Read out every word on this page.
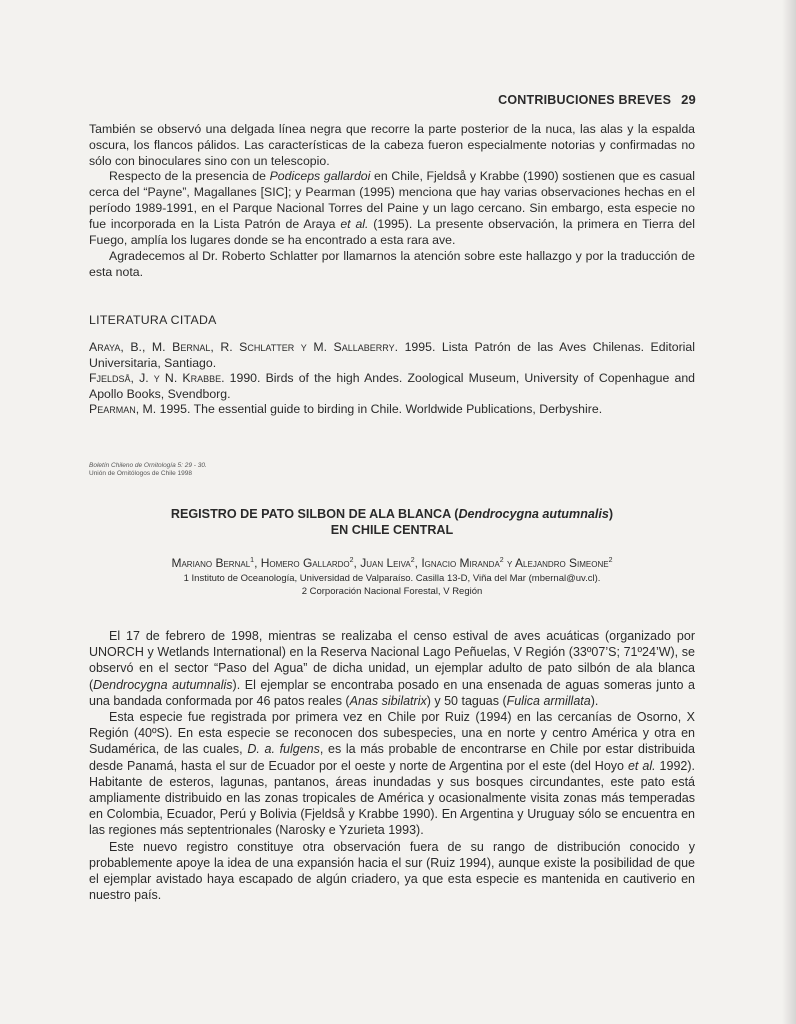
CONTRIBUCIONES BREVES 29

También se observó una delgada línea negra que recorre la parte posterior de la nuca, las alas y la espalda oscura, los flancos pálidos. Las características de la cabeza fueron especialmente notorias y confirmadas no sólo con binoculares sino con un telescopio.

Respecto de la presencia de Podiceps gallardoi en Chile, Fjeldså y Krabbe (1990) sostienen que es casual cerca del “Payne”, Magallanes [SIC]; y Pearman (1995) menciona que hay varias observaciones hechas en el período 1989-1991, en el Parque Nacional Torres del Paine y un lago cercano. Sin embargo, esta especie no fue incorporada en la Lista Patrón de Araya et al. (1995). La presente observación, la primera en Tierra del Fuego, amplía los lugares donde se ha encontrado a esta rara ave.

Agradecemos al Dr. Roberto Schlatter por llamarnos la atención sobre este hallazgo y por la traducción de esta nota.

LITERATURA CITADA

Araya, B., M. Bernal, R. Schlatter y M. Sallaberry. 1995. Lista Patrón de las Aves Chilenas. Editorial Universitaria, Santiago.

Fjeldså, J. y N. Krabbe. 1990. Birds of the high Andes. Zoological Museum, University of Copenhague and Apollo Books, Svendborg.

Pearman, M. 1995. The essential guide to birding in Chile. Worldwide Publications, Derbyshire.

Boletín Chileno de Ornitología 5: 29 - 30.
Unión de Ornitólogos de Chile 1998
REGISTRO DE PATO SILBON DE ALA BLANCA (Dendrocygna autumnalis)
EN CHILE CENTRAL
Mariano Bernal$^1$, Homero Gallardo$^2$, Juan Leiva$^2$, Ignacio Miranda$^2$ y Alejandro Simeone$^2$
1 Instituto de Oceanología, Universidad de Valparaíso. Casilla 13-D, Viña del Mar (mbernal@uv.cl).
2 Corporación Nacional Forestal, V Región

El 17 de febrero de 1998, mientras se realizaba el censo estival de aves acuáticas (organizado por UNORCH y Wetlands International) en la Reserva Nacional Lago Peñuelas, V Región (33º07’S; 71º24’W), se observó en el sector “Paso del Agua” de dicha unidad, un ejemplar adulto de pato silbón de ala blanca (Dendrocygna autumnalis). El ejemplar se encontraba posado en una ensenada de aguas someras junto a una bandada conformada por 46 patos reales (Anas sibilatrix) y 50 taguas (Fulica armillata).

Esta especie fue registrada por primera vez en Chile por Ruiz (1994) en las cercanías de Osorno, X Región (40ºS). En esta especie se reconocen dos subespecies, una en norte y centro América y otra en Sudamérica, de las cuales, D. a. fulgens, es la más probable de encontrarse en Chile por estar distribuida desde Panamá, hasta el sur de Ecuador por el oeste y norte de Argentina por el este (del Hoyo et al. 1992). Habitante de esteros, lagunas, pantanos, áreas inundadas y sus bosques circundantes, este pato está ampliamente distribuido en las zonas tropicales de América y ocasionalmente visita zonas más temperadas en Colombia, Ecuador, Perú y Bolivia (Fjeldså y Krabbe 1990). En Argentina y Uruguay sólo se encuentra en las regiones más septentrionales (Narosky e Yzurieta 1993).

Este nuevo registro constituye otra observación fuera de su rango de distribución conocido y probablemente apoye la idea de una expansión hacia el sur (Ruiz 1994), aunque existe la posibilidad de que el ejemplar avistado haya escapado de algún criadero, ya que esta especie es mantenida en cautiverio en nuestro país.
